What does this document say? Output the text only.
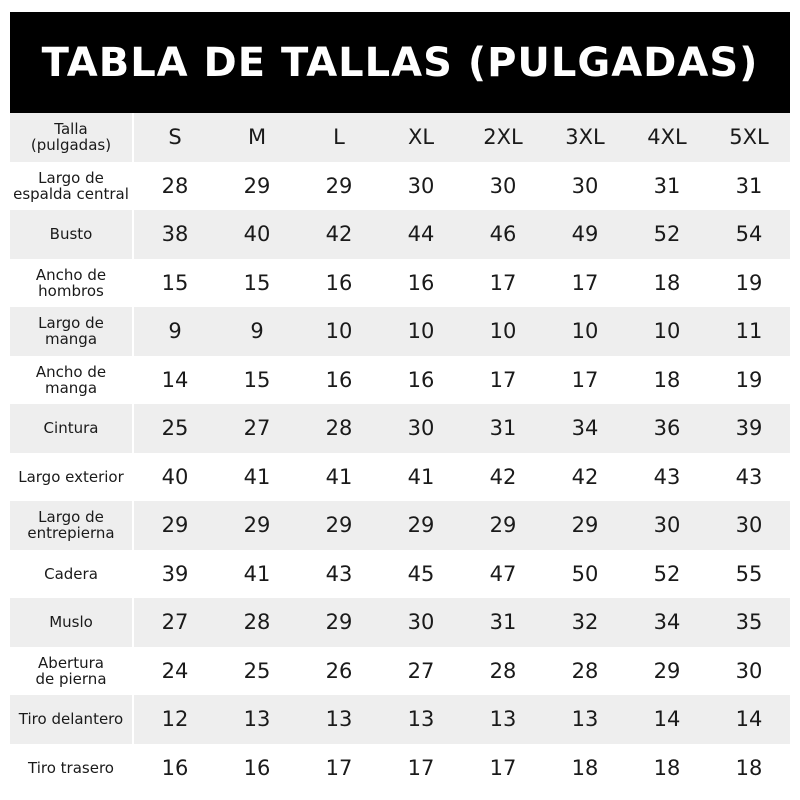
TABLA DE TALLAS (PULGADAS)
Talla
(pulgadas)	S	M	L	XL	2XL	3XL	4XL	5XL
Largo de
espalda central	28	29	29	30	30	30	31	31
Busto	38	40	42	44	46	49	52	54
Ancho de
hombros	15	15	16	16	17	17	18	19
Largo de
manga	9	9	10	10	10	10	10	11
Ancho de
manga	14	15	16	16	17	17	18	19
Cintura	25	27	28	30	31	34	36	39
Largo exterior	40	41	41	41	42	42	43	43
Largo de
entrepierna	29	29	29	29	29	29	30	30
Cadera	39	41	43	45	47	50	52	55
Muslo	27	28	29	30	31	32	34	35
Abertura
de pierna	24	25	26	27	28	28	29	30
Tiro delantero	12	13	13	13	13	13	14	14
Tiro trasero	16	16	17	17	17	18	18	18
